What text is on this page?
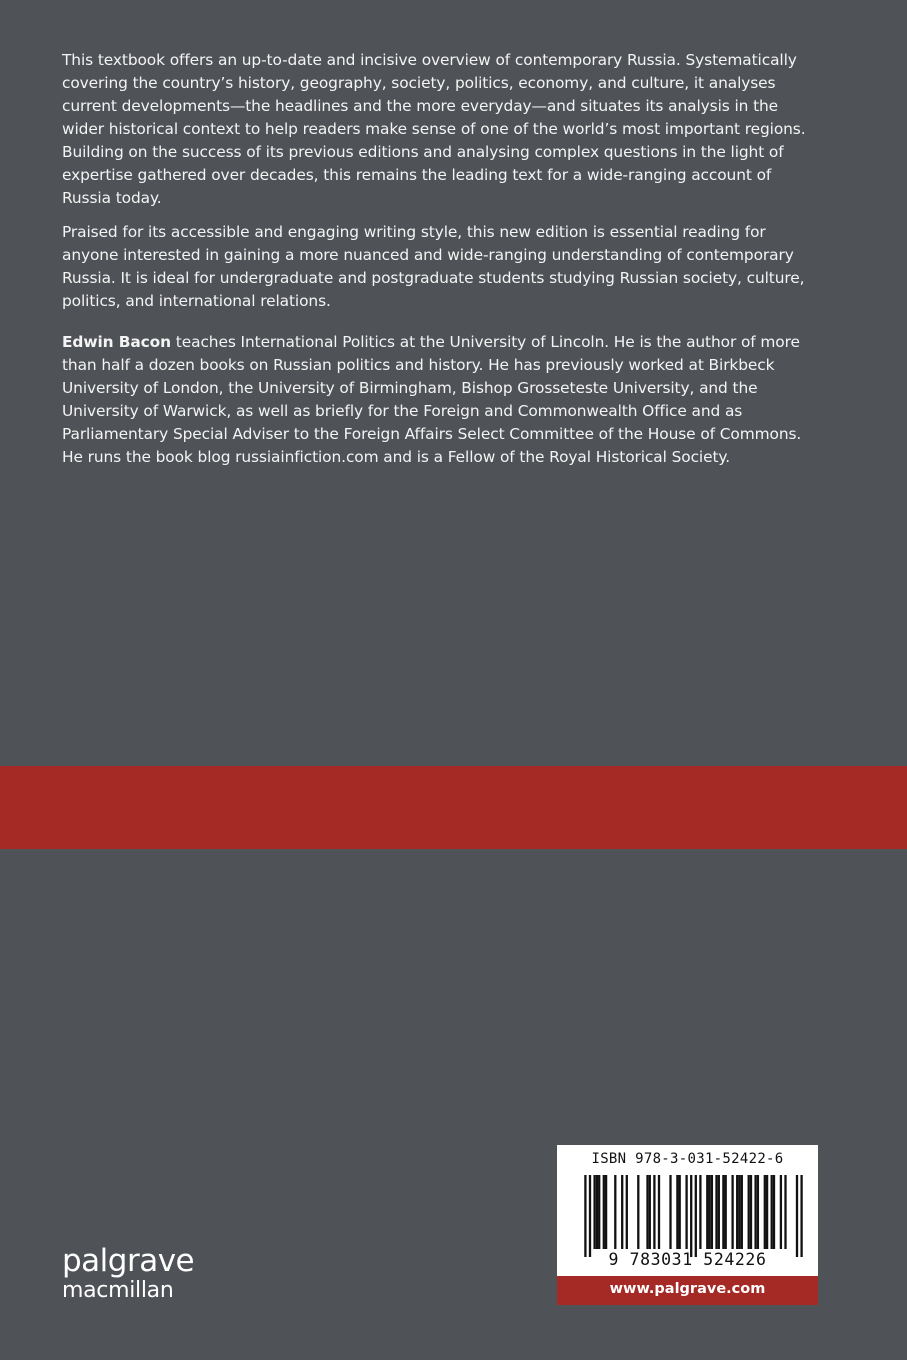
This textbook offers an up-to-date and incisive overview of contemporary Russia. Systematically covering the country’s history, geography, society, politics, economy, and culture, it analyses current developments—the headlines and the more everyday—and situates its analysis in the wider historical context to help readers make sense of one of the world’s most important regions. Building on the success of its previous editions and analysing complex questions in the light of expertise gathered over decades, this remains the leading text for a wide-ranging account of Russia today.

Praised for its accessible and engaging writing style, this new edition is essential reading for anyone interested in gaining a more nuanced and wide-ranging understanding of contemporary Russia. It is ideal for undergraduate and postgraduate students studying Russian society, culture, politics, and international relations.

Edwin Bacon teaches International Politics at the University of Lincoln. He is the author of more than half a dozen books on Russian politics and history. He has previously worked at Birkbeck University of London, the University of Birmingham, Bishop Grosseteste University, and the University of Warwick, as well as briefly for the Foreign and Commonwealth Office and as Parliamentary Special Adviser to the Foreign Affairs Select Committee of the House of Commons. He runs the book blog russiainfiction.com and is a Fellow of the Royal Historical Society.

palgrave
macmillan
ISBN 978-3-031-52422-6
9 783031 524226
www.palgrave.com
